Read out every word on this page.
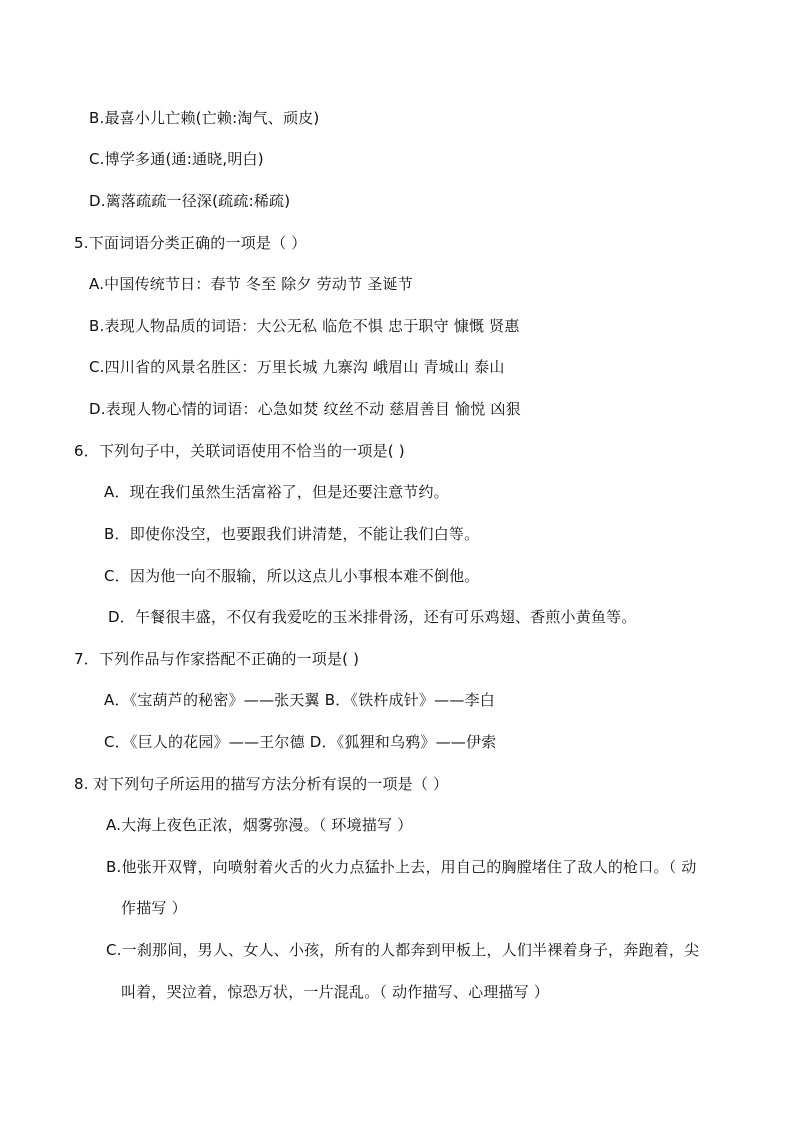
B.最喜小儿亡赖(亡赖:淘气、顽皮)
C.博学多通(通:通晓,明白)
D.篱落疏疏一径深(疏疏:稀疏)
5.下面词语分类正确的一项是（ ）
A.中国传统节日：春节 冬至 除夕 劳动节 圣诞节
B.表现人物品质的词语：大公无私 临危不惧 忠于职守 慷慨 贤惠
C.四川省的风景名胜区：万里长城 九寨沟 峨眉山 青城山 泰山
D.表现人物心情的词语：心急如焚 纹丝不动 慈眉善目 愉悦 凶狠
6．下列句子中，关联词语使用不恰当的一项是( )
A．现在我们虽然生活富裕了，但是还要注意节约。
B．即使你没空，也要跟我们讲清楚，不能让我们白等。
C．因为他一向不服输，所以这点儿小事根本难不倒他。
D．午餐很丰盛，不仅有我爱吃的玉米排骨汤，还有可乐鸡翅、香煎小黄鱼等。
7．下列作品与作家搭配不正确的一项是( )
A．《宝葫芦的秘密》——张天翼 B．《铁杵成针》——李白
C．《巨人的花园》——王尔德 D．《狐狸和乌鸦》——伊索
8. 对下列句子所运用的描写方法分析有误的一项是（ ）
A.大海上夜色正浓，烟雾弥漫。（ 环境描写 ）
B.他张开双臂，向喷射着火舌的火力点猛扑上去，用自己的胸膛堵住了敌人的枪口。（ 动
作描写 ）
C.一刹那间，男人、女人、小孩，所有的人都奔到甲板上，人们半裸着身子，奔跑着，尖
叫着，哭泣着，惊恐万状，一片混乱。（ 动作描写、心理描写 ）
